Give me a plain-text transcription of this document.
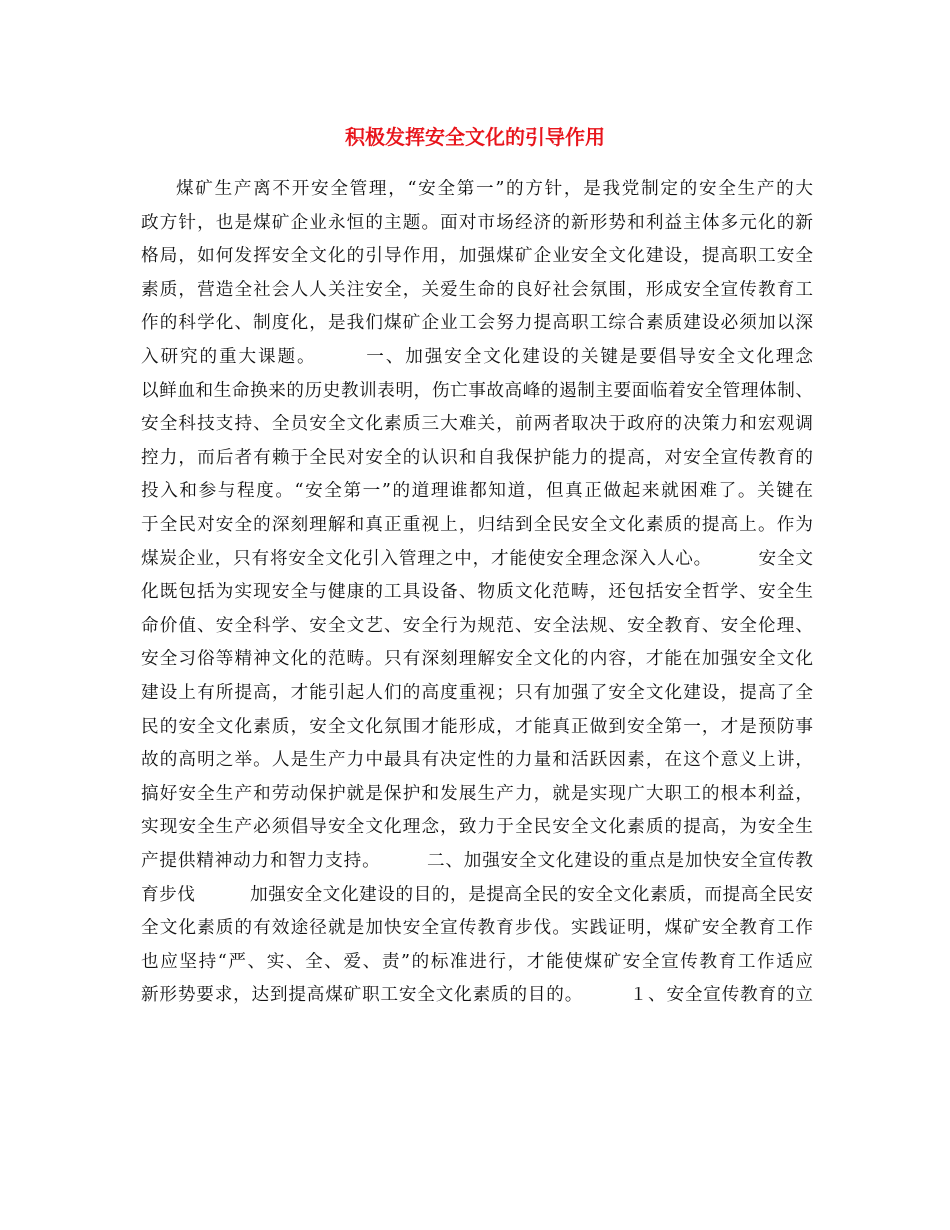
积极发挥安全文化的引导作用
煤矿生产离不开安全管理，“安全第一”的方针，是我党制定的安全生产的大
政方针，也是煤矿企业永恒的主题。面对市场经济的新形势和利益主体多元化的新
格局，如何发挥安全文化的引导作用，加强煤矿企业安全文化建设，提高职工安全
素质，营造全社会人人关注安全，关爱生命的良好社会氛围，形成安全宣传教育工
作的科学化、制度化，是我们煤矿企业工会努力提高职工综合素质建设必须加以深
入研究的重大课题。　　　一、加强安全文化建设的关键是要倡导安全文化理念
以鲜血和生命换来的历史教训表明，伤亡事故高峰的遏制主要面临着安全管理体制、
安全科技支持、全员安全文化素质三大难关，前两者取决于政府的决策力和宏观调
控力，而后者有赖于全民对安全的认识和自我保护能力的提高，对安全宣传教育的
投入和参与程度。“安全第一”的道理谁都知道，但真正做起来就困难了。关键在
于全民对安全的深刻理解和真正重视上，归结到全民安全文化素质的提高上。作为
煤炭企业，只有将安全文化引入管理之中，才能使安全理念深入人心。　　　安全文
化既包括为实现安全与健康的工具设备、物质文化范畴，还包括安全哲学、安全生
命价值、安全科学、安全文艺、安全行为规范、安全法规、安全教育、安全伦理、
安全习俗等精神文化的范畴。只有深刻理解安全文化的内容，才能在加强安全文化
建设上有所提高，才能引起人们的高度重视；只有加强了安全文化建设，提高了全
民的安全文化素质，安全文化氛围才能形成，才能真正做到安全第一，才是预防事
故的高明之举。人是生产力中最具有决定性的力量和活跃因素，在这个意义上讲，
搞好安全生产和劳动保护就是保护和发展生产力，就是实现广大职工的根本利益，
实现安全生产必须倡导安全文化理念，致力于全民安全文化素质的提高，为安全生
产提供精神动力和智力支持。　　　二、加强安全文化建设的重点是加快安全宣传教
育步伐　　　加强安全文化建设的目的，是提高全民的安全文化素质，而提高全民安
全文化素质的有效途径就是加快安全宣传教育步伐。实践证明，煤矿安全教育工作
也应坚持“严、实、全、爱、责”的标准进行，才能使煤矿安全宣传教育工作适应
新形势要求，达到提高煤矿职工安全文化素质的目的。　　　１、安全宣传教育的立
